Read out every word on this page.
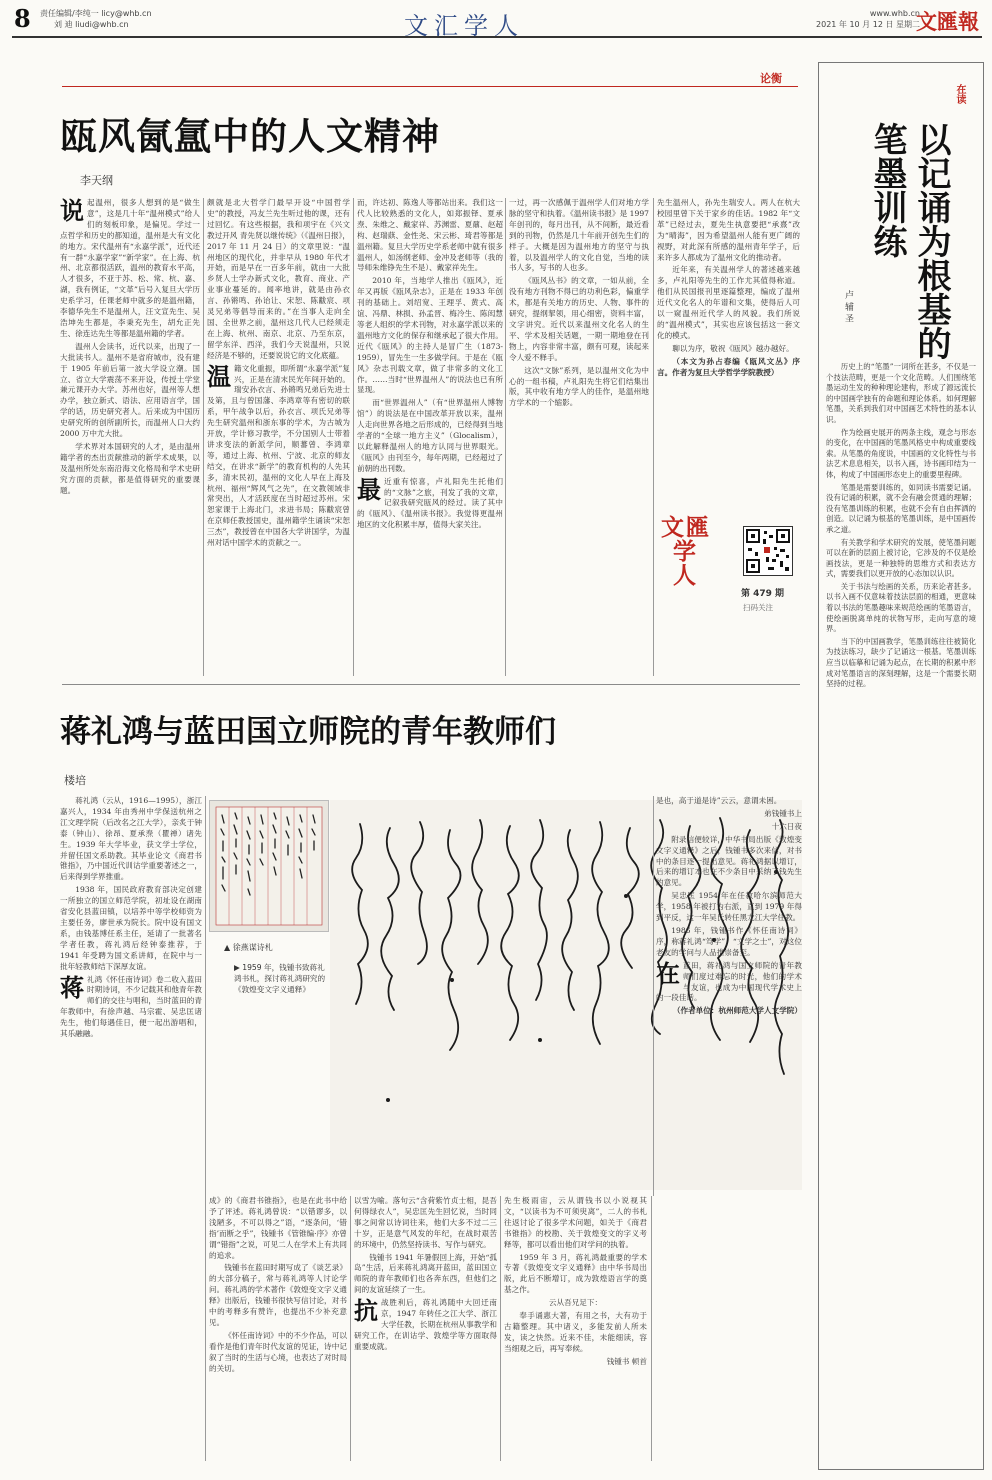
8 责任编辑/李纯一 licy@whb.cn
刘 迪 liudi@whb.cn	文汇学人	www.whb.cn
2021 年 10 月 12 日 星期二
文匯報
论衡
瓯风氤氲中的人文精神
李天纲
说 起温州，很多人想到的是“做生意”，这是几十年“温州模式”给人们的刻板印象，是偏见。学过一点哲学和历史的都知道，温州是大有文化的地方。宋代温州有“永嘉学派”，近代还有一群“永嘉学家”“新学家”。在上海、杭州、北京都很活跃，温州的教育水平高，人才很多，不亚于苏、松、常、杭、嘉、湖，我有例证，“文革”后号入复旦大学历史系学习，任课老师中就多的是温州籍，李德华先生不是温州人，汪文宣先生、吴浩坤先生都是，李秉充先生，胡允正先生、徐连达先生等都是温州籍的学者。

温州人会读书，近代以来，出现了一大批读书人。温州不是省府城市，没有建于 1905 年前后第一波大学设立潮。国立、省立大学震荡不来开设，传授土学堂兼元课开办大学。苏州也好，温州等人想办学，独立新式、语法、应用语言学，国学的话，历史研究者人。后来成为中国历史研究所的创所副所长，而温州人口大约 2000 万中尤大批。

学术界对本国研究的人才，是由温州籍学者的杰出贡献推动的新学术成果，以及温州所处东南沿海文化格局和学术史研究方面的贡献，都是值得研究的重要课题。

颇就是北大哲学门最早开设“中国哲学史”的教授，冯友兰先生听过他的课，还有过回忆。有这些根据，我和项宇在《兴文教过开风 青先贤以继传统》（《温州日报》，2017 年 11 月 24 日）的文章里说：“温州地区的现代化，并非早从 1980 年代才开始，而是早在一百多年前，就由一大批乡贤人士学办新式文化，教育、商业、产业事业蔓延的。闻率地讲，就是由孙衣言、孙锵鸣、孙诒让、宋恕、陈黻宸、项灵兄弟等倡导而来的。”在当事人走向全国、全世界之前，温州这几代人已经须走在上海、杭州、南京、北京、乃至东京，留学东洋、西洋，我们今天说温州，只说经济是不够的，还要说说它的文化底蕴。

温 籍文化重振，即所谓“永嘉学派”复兴，正是在清末民光年间开始的。瑞安孙衣言、孙锵鸣兄弟后先进士及第，且与曾国藩、李鸿章等有密切的联系，甲午战争以后，孙衣言、项氏兄弟等先生研究温州和浙东事的学术，为古城为开放，学计修习教学，不分国别人士带着讲求变法的新派学问，顺蕃曾、李鸿章等，通过上海、杭州、宁波、北京的师友结交，在讲求“新学”的教育机构的人先其多，清末民初，温州的文化人早在上海及杭州、福州“辉风气之先”，在文教领域非常突出，人才活跃度在当时超过苏州。宋恕家课于上海北门，求进书局；陈黻宸曾在京师任教授国史，温州籍学生诵读“宋恕三杰”，教授曾在中国各大学讲国学，为温州对话中国学术的贡献之一。

而，许达初、陈逸人等都站出来。我们这一代人比较熟悉的文化人，如郑振铎、夏承焘、朱维之、戴家祥、苏渊雷、夏鼐、赵超构、赵瑞蕻、金性尧、宋云彬、琦君等都是温州籍。复旦大学历史学系老师中就有很多温州人，如汤纲老师、金冲及老师等（我的导师朱维铮先生不是）、戴家祥先生。

2010 年，当地学人推出《瓯风》，近年又再版《瓯风杂志》，正是在 1933 年创刊的基础上。刘绍宽、王理孚、黄式、高谊、冯鼎、林损、孙孟晋、梅冷生、陈闳慧等老人组织的学术刊物，对永嘉学派以来的温州地方文化的保存和继承起了很大作用。近代《瓯风》的主持人是冒广生（1873-1959），冒先生一生多做学问。于是在《瓯风》杂志刊载文章，做了非常多的文化工作。……当时“世界温州人”的说法也已有所显现。

而“世界温州人”（有“世界温州人博物馆”）的说法是在中国改革开放以来，温州人走向世界各地之后形成的，已经得到当地学者的“全球一地方主义”（Glocalism），以此解释温州人的地方认同与世界眼光。《瓯风》由刊至今，每年两期，已经超过了前朝的出刊数。

最 近重有惊喜，卢礼阳先生托他们的“文脉”之旅，刊发了我的文章，记叙我研究瓯风的经过。读了其中的《瓯风》、《温州读书报》。我觉得更温州地区的文化积累丰厚，值得大家关注。

一过，再一次感佩于温州学人们对地方学脉的坚守和执着。《温州读书报》是 1997 年创刊的，每月出刊，从不间断，最近看到的刊物，仍然是几十年前开创先生们的样子。大概是因为温州地方的坚守与执着，以及温州学人的文化自觉，当地的读书人多，写书的人也多。

《瓯风丛书》的文章，一如从前，全没有地方刊物不得已的功利色彩，偏重学术，都是有关地方的历史、人物、事件的研究，提纲挈领，用心细密，资料丰富，文字讲究。近代以来温州文化名人的生平、学术及相关话题，一期一期地登在刊物上，内容非常丰富，颇有可观，读起来令人爱不释手。

这次“文脉”系列，是以温州文化为中心的一组书稿，卢礼阳先生将它们结集出版，其中收有地方学人的佳作，是温州地方学术的一个缩影。

先生温州人，孙先生瑞安人。两人在杭大校园里曾下关于家乡的佳话。1982 年“文革”已经过去，夏先生执意要把“承熹”改为“晴海”，因为希望温州人能有更广阔的视野，对此深有所感的温州青年学子，后来许多人都成为了温州文化的推动者。

近年来，有关温州学人的著述越来越多，卢礼阳等先生的工作尤其值得称道。他们从民国报刊里逐篇整理，编成了温州近代文化名人的年谱和文集，使得后人可以一窥温州近代学人的风貌。我们所说的“温州模式”，其实也应该包括这一套文化的模式。

聊以为序，敬祝《瓯风》越办越好。

（本文为孙占春编《瓯风文丛》序言。作者为复旦大学哲学学院教授）

文匯
学人
第 479 期
扫码关注
在读
以记诵为根基的
笔墨训练
卢 辅 圣

历史上的“笔墨”一词所在甚多，不仅是一个技法范畴，更是一个文化范畴。人们围绕笔墨运动生发的种种理论建构，形成了源远流长的中国画学独有的命题和理论体系。如何理解笔墨，关系到我们对中国画艺术特性的基本认识。

作为绘画史展开的两条主线，观念与形态的变化，在中国画的笔墨风格史中构成重要线索。从笔墨的角度说，中国画的文化特性与书法艺术息息相关，以书入画，诗书画印结为一体，构成了中国画形态史上的重要里程碑。

笔墨是需要训练的，如同读书需要记诵。没有记诵的积累，就不会有融会贯通的理解；没有笔墨训练的积累，也就不会有自由挥洒的创造。以记诵为根基的笔墨训练，是中国画传承之道。

有关教学和学术研究的发展，使笔墨问题可以在新的层面上被讨论，它涉及的不仅是绘画技法，更是一种独特的思维方式和表达方式，需要我们以更开放的心态加以认识。

关于书法与绘画的关系，历来论者甚多。以书入画不仅意味着技法层面的相通，更意味着以书法的笔墨趣味来规范绘画的笔墨语言，使绘画脱离单纯的状物写形，走向写意的境界。

当下的中国画教学，笔墨训练往往被简化为技法练习，缺少了记诵这一根基。笔墨训练应当以临摹和记诵为起点，在长期的积累中形成对笔墨语言的深刻理解，这是一个需要长期坚持的过程。

蒋礼鸿与蓝田国立师院的青年教师们
楼培

蒋礼鸿（云从，1916—1995），浙江嘉兴人，1934 年由秀州中学保送杭州之江文理学院（后改名之江大学），亲炙于钟泰（钟山）、徐昂、夏承焘（瞿禅）诸先生。1939 年大学毕业，获文学士学位，并留任国文系助教。其毕业论文《商君书锥指》，乃中国近代训诂学重要著述之一，后来得到学界推重。

1938 年，国民政府教育部决定创建一所独立的国立师范学院，初址设在湖南省安化县蓝田镇，以培养中等学校师资为主要任务，廖世承为院长。院中设有国文系，由钱基博任系主任，延请了一批著名学者任教，蒋礼鸿后经钟泰推荐，于 1941 年受聘为国文系讲师，在院中与一批年轻教师结下深厚友谊。

蒋 礼鸿《怀任南诗词》卷二收入蓝田时期诗词，不少记载其和他青年教师们的交往与唱和，当时蓝田的青年教师中，有徐声越、马宗霍、吴忠匡诸先生，他们每遇佳日，便一起出游唱和，其乐融融。

▲ 徐燕谋诗札
▶ 1959 年，钱锺书致蒋礼鸿书札，探讨蒋礼鸿研究的《敦煌变文字义通释》

成》的《商君书锥指》，也是在此书中给予了评述。蒋礼鸿曾说：“以错谬多，以浅陋多，不可以得之”语，“逐条问，‘错指’而断之乎”，钱锺书《管锥编·序》亦曾谓“错指”之说，可见二人在学术上有共同的追求。

钱锺书在蓝田时期写成了《谈艺录》的大部分稿子，常与蒋礼鸿等人讨论学问。蒋礼鸿的学术著作《敦煌变文字义通释》出版后，钱锺书很快写信讨论，对书中的考释多有赞许，也提出不少补充意见。

《怀任南诗词》中的不少作品，可以看作是他们青年时代友谊的见证，诗中记叙了当时的生活与心境，也表达了对时局的关切。

以雪为喻。落句云“含荷紫竹贞士相，昆吾何得绿衣人”，吴忠匡先生回忆说，当时同事之间常以诗词往来，他们大多不过二三十岁，正是意气风发的年纪，在战时艰苦的环境中，仍然坚持读书、写作与研究。

钱锺书 1941 年暑假回上海，开始“孤岛”生活，后来蒋礼鸿离开蓝田，蓝田国立师院的青年教师们也各奔东西，但他们之间的友谊延续了一生。

抗 战胜利后，蒋礼鸿随中大回迁南京，1947 年转任之江大学、浙江大学任教，长期在杭州从事教学和研究工作，在训诂学、敦煌学等方面取得重要成就。

先生极雨宙，云从谓钱书以小说视其文，“以读书为不可须臾离”，二人的书札往返讨论了很多学术问题，如关于《商君书锥指》的校勘、关于敦煌变文的字义考释等，都可以看出他们对学问的执着。

1959 年 3 月，蒋礼鸿最重要的学术专著《敦煌变文字义通释》由中华书局出版，此后不断增订，成为敦煌语言学的奠基之作。

云从吾兄足下：

奉手诵惠大著，有用之书，大有功于古籍整理。其中诸义，多能发前人所未发，读之快然。近来不佳，未能细读，容当细观之后，再写奉候。

钱锺书 顿首

是也，高于道是诗”云云，意谓未困。

弟钱锺书上

十六日夜

附录信便较详，中华书局出版《敦煌变文字义通释》之后，钱锺书多次来信，对书中的条目逐一提出意见。蒋礼鸿据以增订，后来的增订本也在不少条目中采纳了钱先生的意见。

吴忠匡 1954 年在任教哈尔滨师范大学，1958 年被打为右派，直到 1979 年得到平反，这一年吴氏转任黑龙江大学任教。

1986 年，钱锺书作《怀任南诗词》序，称蒋礼鸿“笃学”，“文学之士”，对这位老友的学问与人品推崇备至。

在 蓝田，蒋礼鸿与国立师院的青年教师们度过难忘的时光，他们的学术与友谊，也成为中国现代学术史上的一段佳话。

（作者单位：杭州师范大学人文学院）
